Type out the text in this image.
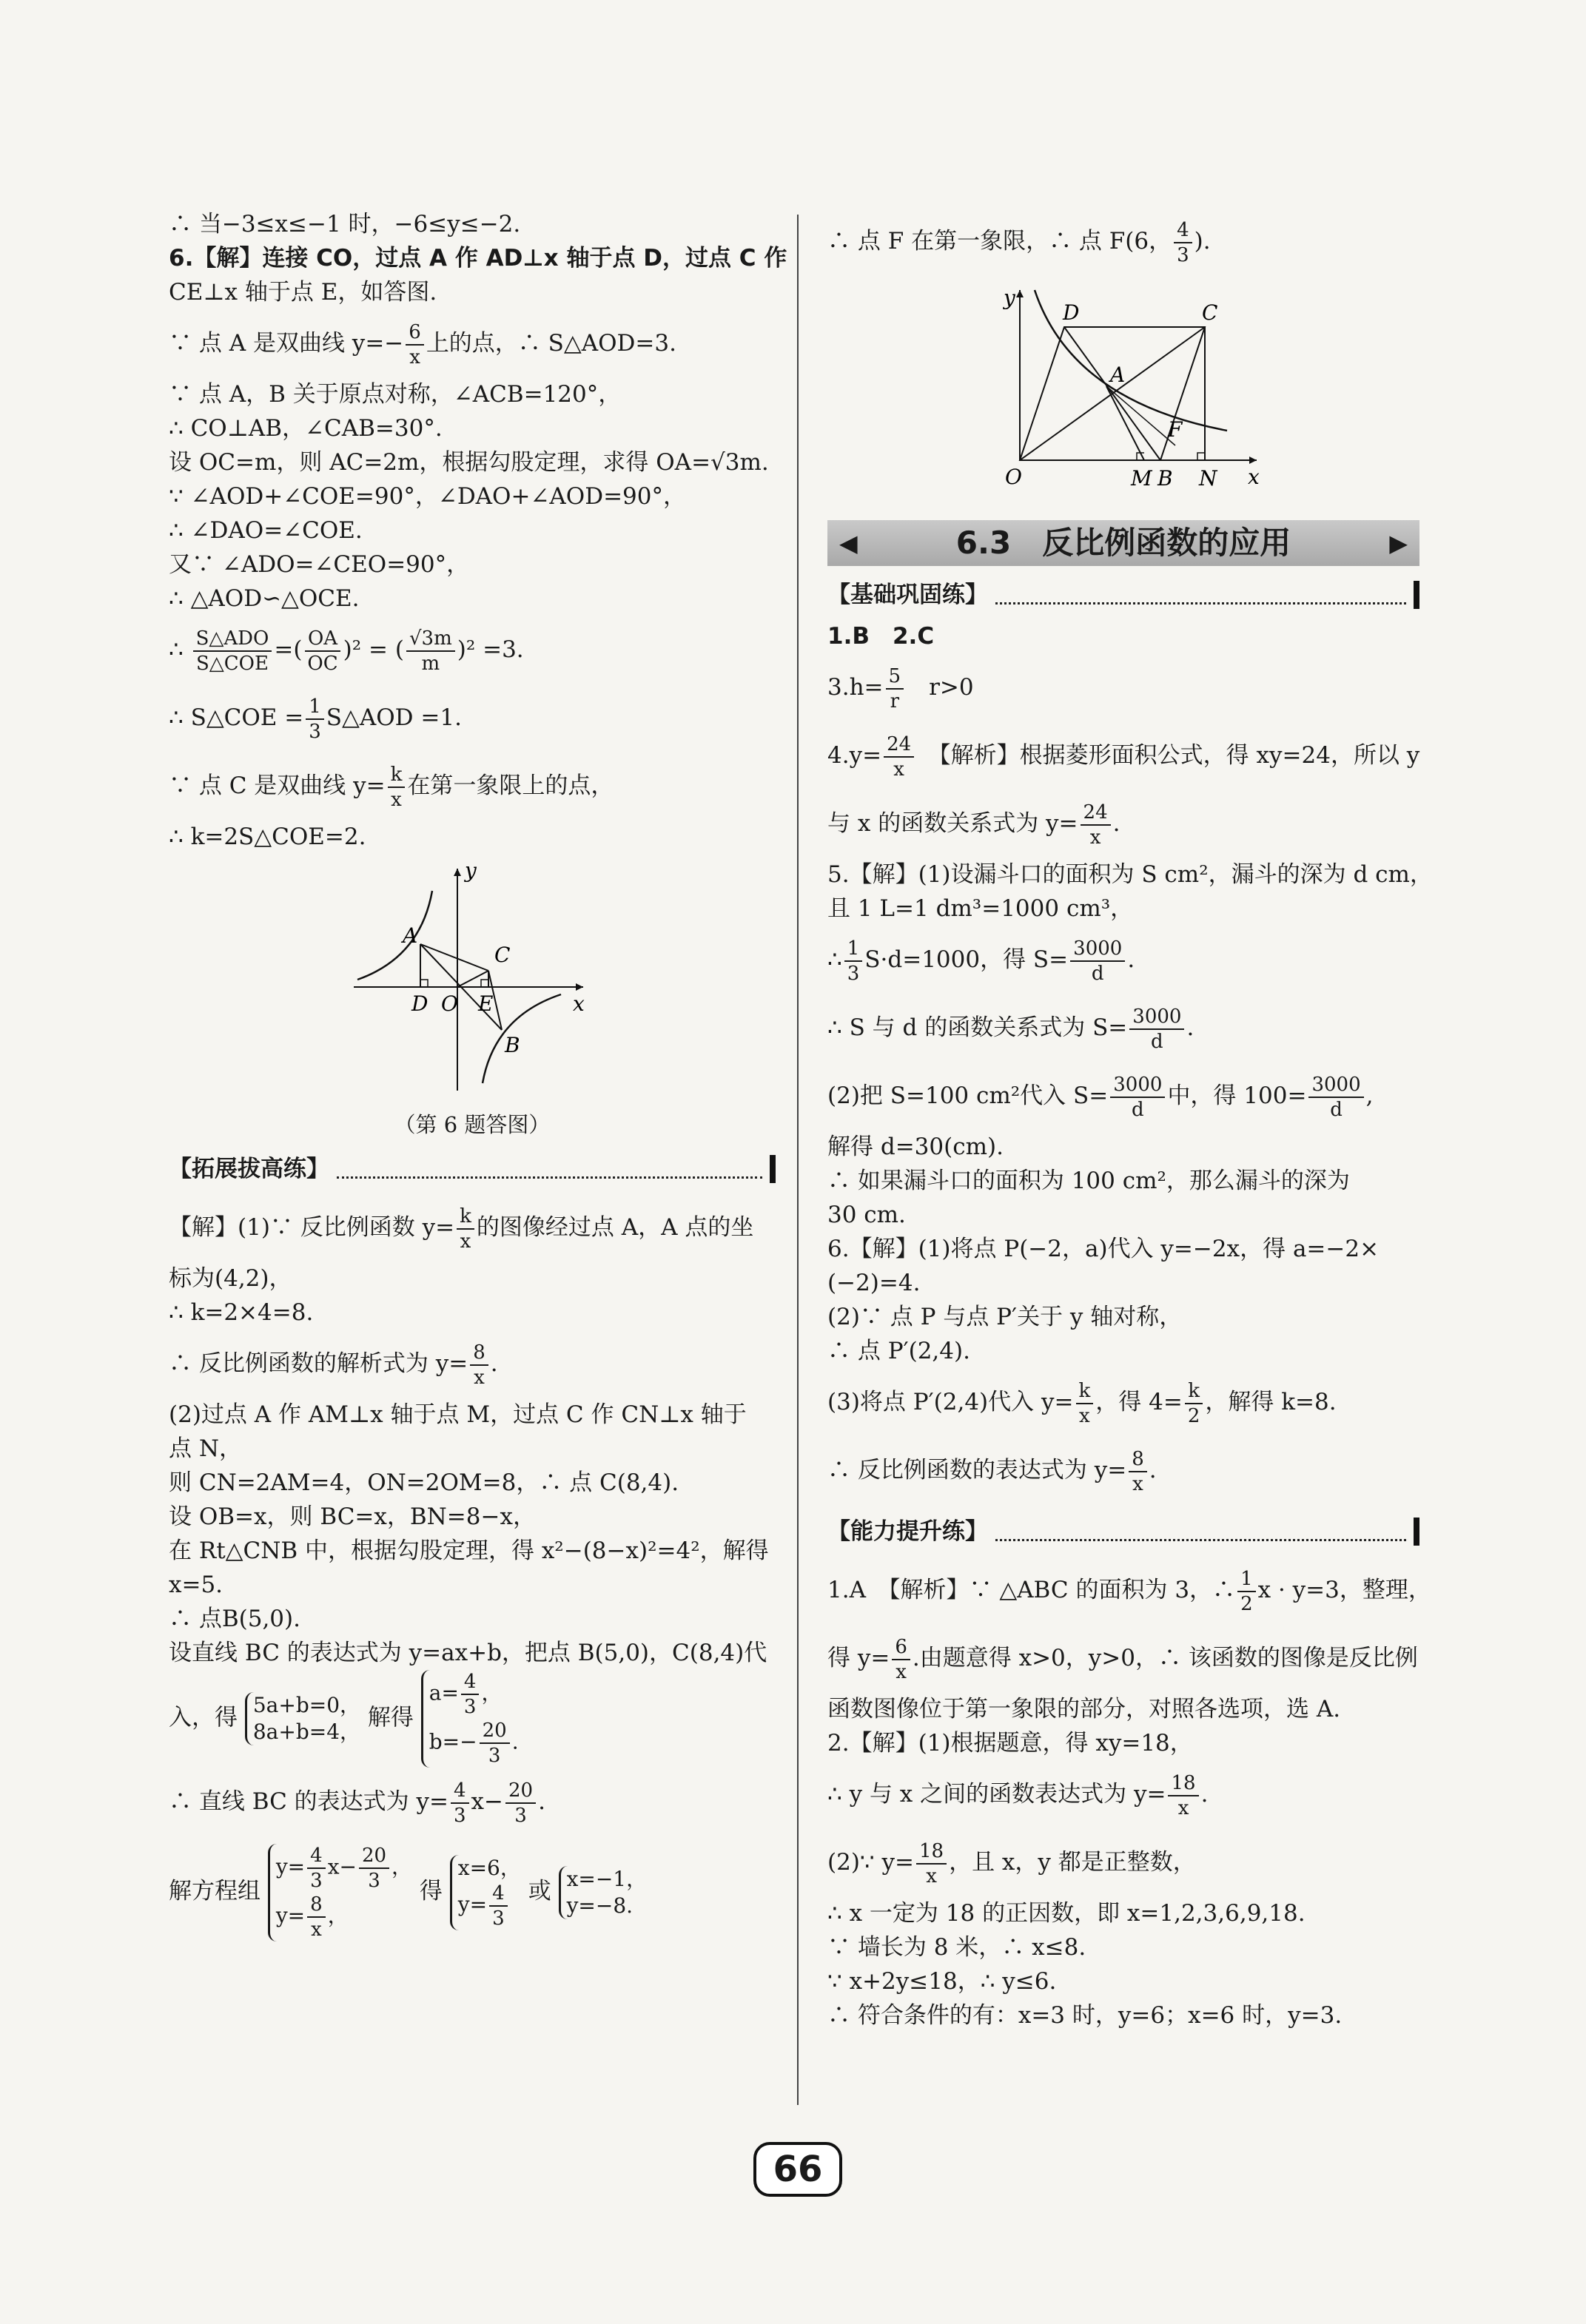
∴ 当−3≤x≤−1 时，−6≤y≤−2.
6.【解】连接 CO，过点 A 作 AD⊥x 轴于点 D，过点 C 作
CE⊥x 轴于点 E，如答图.
∵ 点 A 是双曲线 $y=- \frac{6}{x}$ 上的点，∴ S△AOD=3.
∵ 点 A，B 关于原点对称，∠ACB=120°，
∴ CO⊥AB，∠CAB=30°.
设 OC=m，则 AC=2m，根据勾股定理，求得 OA=√3m.
∵ ∠AOD+∠COE=90°，∠DAO+∠AOD=90°，
∴ ∠DAO=∠COE.
又∵ ∠ADO=∠CEO=90°，
∴ △AOD∽△OCE.
∴ $\frac{\text{S△ADO}}{\text{S△COE}}$ =( $\frac{OA}{OC} )^2$ = ( $\frac{√3m}{m} )^2 =3$.
∴ S△COE = $\frac{1}{3}$ S△AOD =1.
∵ 点 C 是双曲线 $y= \frac{k}{x}$ 在第一象限上的点，
∴ k=2S△COE=2.
y
x
A
C
D O E
B
（第 6 题答图）
【拓展拔高练】
【解】(1)∵ 反比例函数 $y= \frac{k}{x}$ 的图像经过点 A，A 点的坐
标为(4,2)，
∴ k=2×4=8.
∴ 反比例函数的解析式为 $y= \frac{8}{x}$ .
(2)过点 A 作 AM⊥x 轴于点 M，过点 C 作 CN⊥x 轴于
点 N，
则 CN=2AM=4，ON=2OM=8，∴ 点 C(8,4).
设 OB=x，则 BC=x，BN=8−x，
在 Rt△CNB 中，根据勾股定理，得 x²−(8−x)²=4²，解得
x=5.
∴ 点B(5,0).
设直线 BC 的表达式为 y=ax+b，把点 B(5,0)，C(8,4)代
入，得 5a+b=0，
8a+b=4，
解得
$a= \frac{4}{3}$ ，
$b=- \frac{20}{3}$ .
∴ 直线 BC 的表达式为 $y= \frac{4}{3} x- \frac{20}{3}$ .
解方程组
$y= \frac{4}{3} x- \frac{20}{3}$ ，
$y= \frac{8}{x}$ ，
得
x=6，
$y= \frac{4}{3}$ 或 x=−1，
y=−8.
∴ 点 F 在第一象限，∴ 点 F(6， $\frac{4}{3}$ ).
y
x
D	C
A
F
O	M B N
◀	6.3　 反比例函数的应用	▶
【基础巩固练】
1.B　2.C
$3.h= \frac{5}{r}$ 　r>0
$4.y= \frac{24}{x}$ 　【解析】根据菱形面积公式，得 xy=24，所以 y
与 x 的函数关系式为 $y= \frac{24}{x}$ .
5.【解】(1)设漏斗口的面积为 S cm²，漏斗的深为 d cm，
且 1 L=1 dm³=1000 cm³，
∴ $\frac{1}{3} S\cdot d=1000$，得 $S= \frac{3000}{d}$ .
∴ S 与 d 的函数关系式为 $S= \frac{3000}{d}$ .
(2)把 S=100 cm²代入 $S= \frac{3000}{d}$ 中，得 $100= \frac{3000}{d}$ ,
解得 d=30(cm).
∴ 如果漏斗口的面积为 100 cm²，那么漏斗的深为
30 cm.
6.【解】(1)将点 P(−2，a)代入 y=−2x，得 a=−2×
(−2)=4.
(2)∵ 点 P 与点 P′关于 y 轴对称，
∴ 点 P′(2,4).
(3)将点 P′(2,4)代入 $y= \frac{k}{x}$ ，得 $4= \frac{k}{2}$ ，解得 k=8.
∴ 反比例函数的表达式为 $y= \frac{8}{x}$ .
【能力提升练】
1.A　【解析】∵ △ABC 的面积为 3，∴ $\frac{1}{2}$ x · y=3，整理，
得 $y= \frac{6}{x}$ .由题意得 x>0，y>0，∴ 该函数的图像是反比例
函数图像位于第一象限的部分，对照各选项，选 A.
2.【解】(1)根据题意，得 xy=18，
∴ y 与 x 之间的函数表达式为 $y= \frac{18}{x}$ .
(2)∵ $y= \frac{18}{x}$ ，且 x，y 都是正整数，
∴ x 一定为 18 的正因数，即 x=1,2,3,6,9,18.
∵ 墙长为 8 米，∴ x≤8.
∵ x+2y≤18，∴ y≤6.
∴ 符合条件的有：x=3 时，y=6；x=6 时，y=3.
66
